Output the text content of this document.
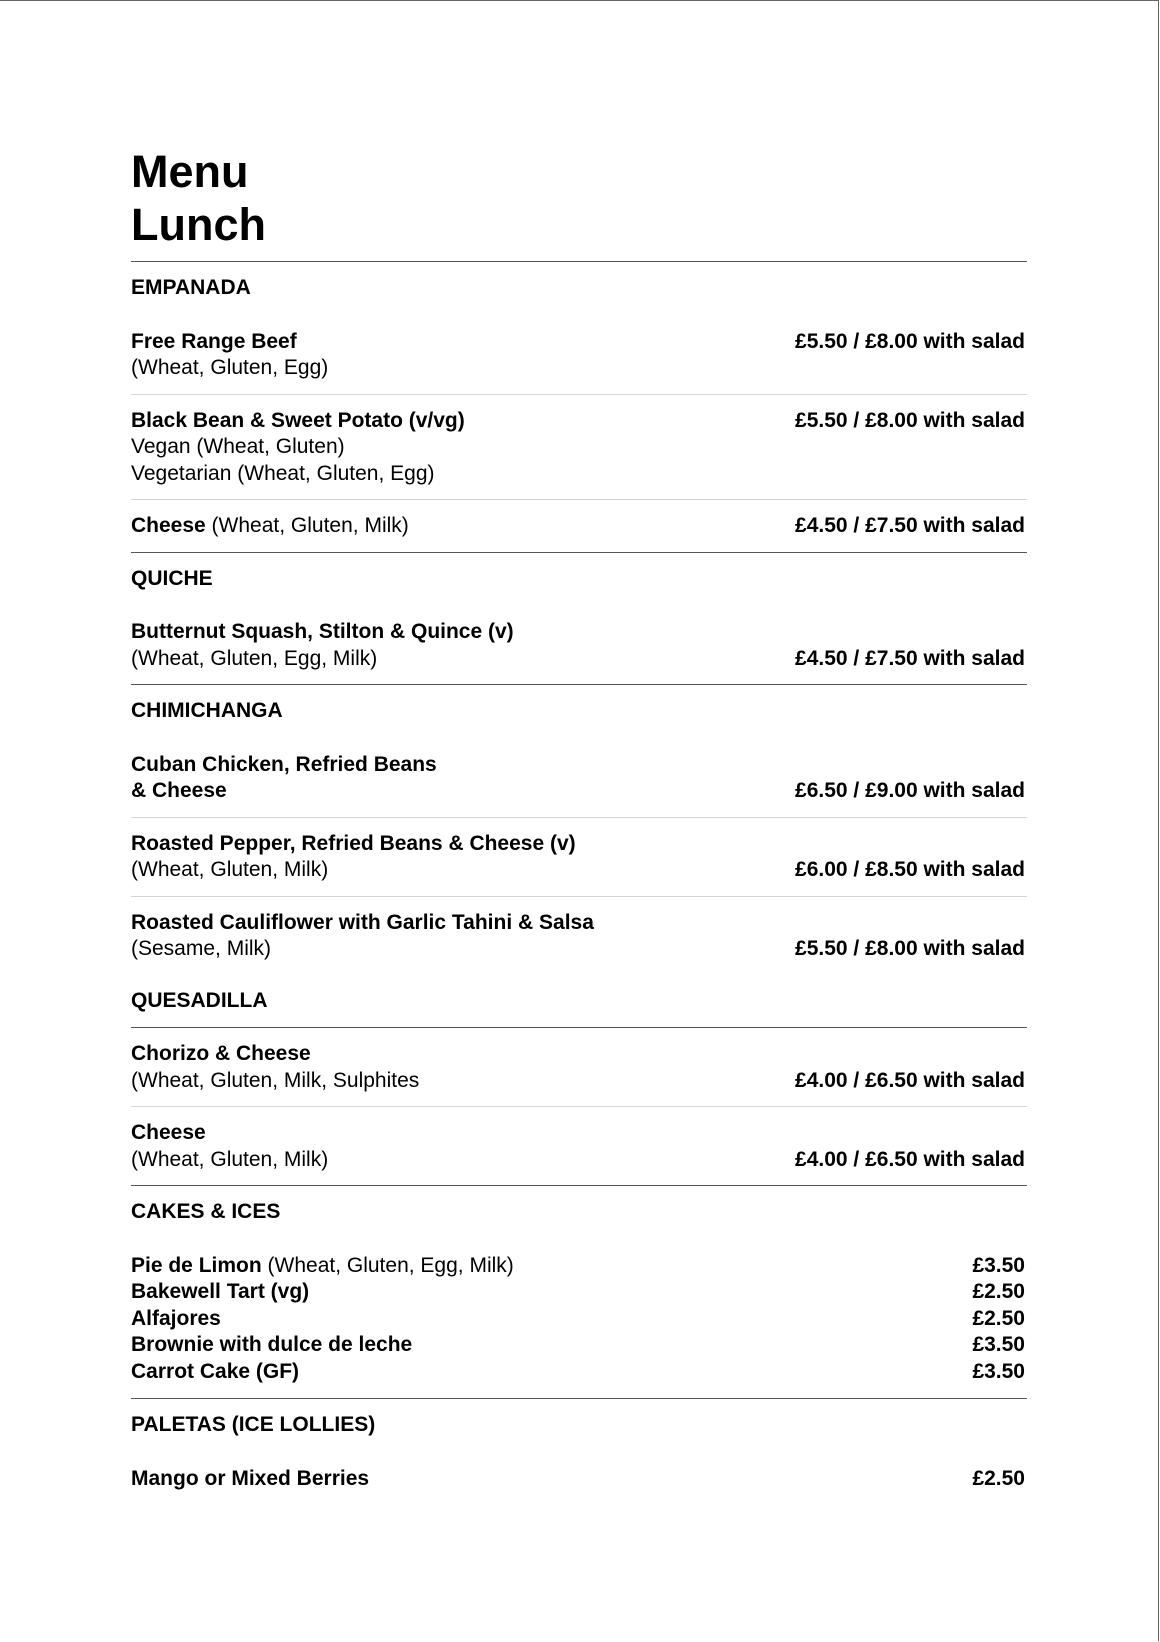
Menu
Lunch
EMPANADA
Free Range Beef
(Wheat, Gluten, Egg)
£5.50 / £8.00 with salad
Black Bean & Sweet Potato (v/vg)
Vegan (Wheat, Gluten)
Vegetarian (Wheat, Gluten, Egg)
£5.50 / £8.00 with salad
Cheese (Wheat, Gluten, Milk)	£4.50 / £7.50 with salad
QUICHE
Butternut Squash, Stilton & Quince (v)
(Wheat, Gluten, Egg, Milk)	£4.50 / £7.50 with salad
CHIMICHANGA
Cuban Chicken, Refried Beans
& Cheese	£6.50 / £9.00 with salad
Roasted Pepper, Refried Beans & Cheese (v)
(Wheat, Gluten, Milk)	£6.00 / £8.50 with salad
Roasted Cauliflower with Garlic Tahini & Salsa
(Sesame, Milk)	£5.50 / £8.00 with salad
QUESADILLA
Chorizo & Cheese
(Wheat, Gluten, Milk, Sulphites	£4.00 / £6.50 with salad
Cheese
(Wheat, Gluten, Milk)	£4.00 / £6.50 with salad
CAKES & ICES
Pie de Limon (Wheat, Gluten, Egg, Milk)	£3.50
Bakewell Tart (vg)	£2.50
Alfajores	£2.50
Brownie with dulce de leche	£3.50
Carrot Cake (GF)	£3.50
PALETAS (ICE LOLLIES)
Mango or Mixed Berries	£2.50
